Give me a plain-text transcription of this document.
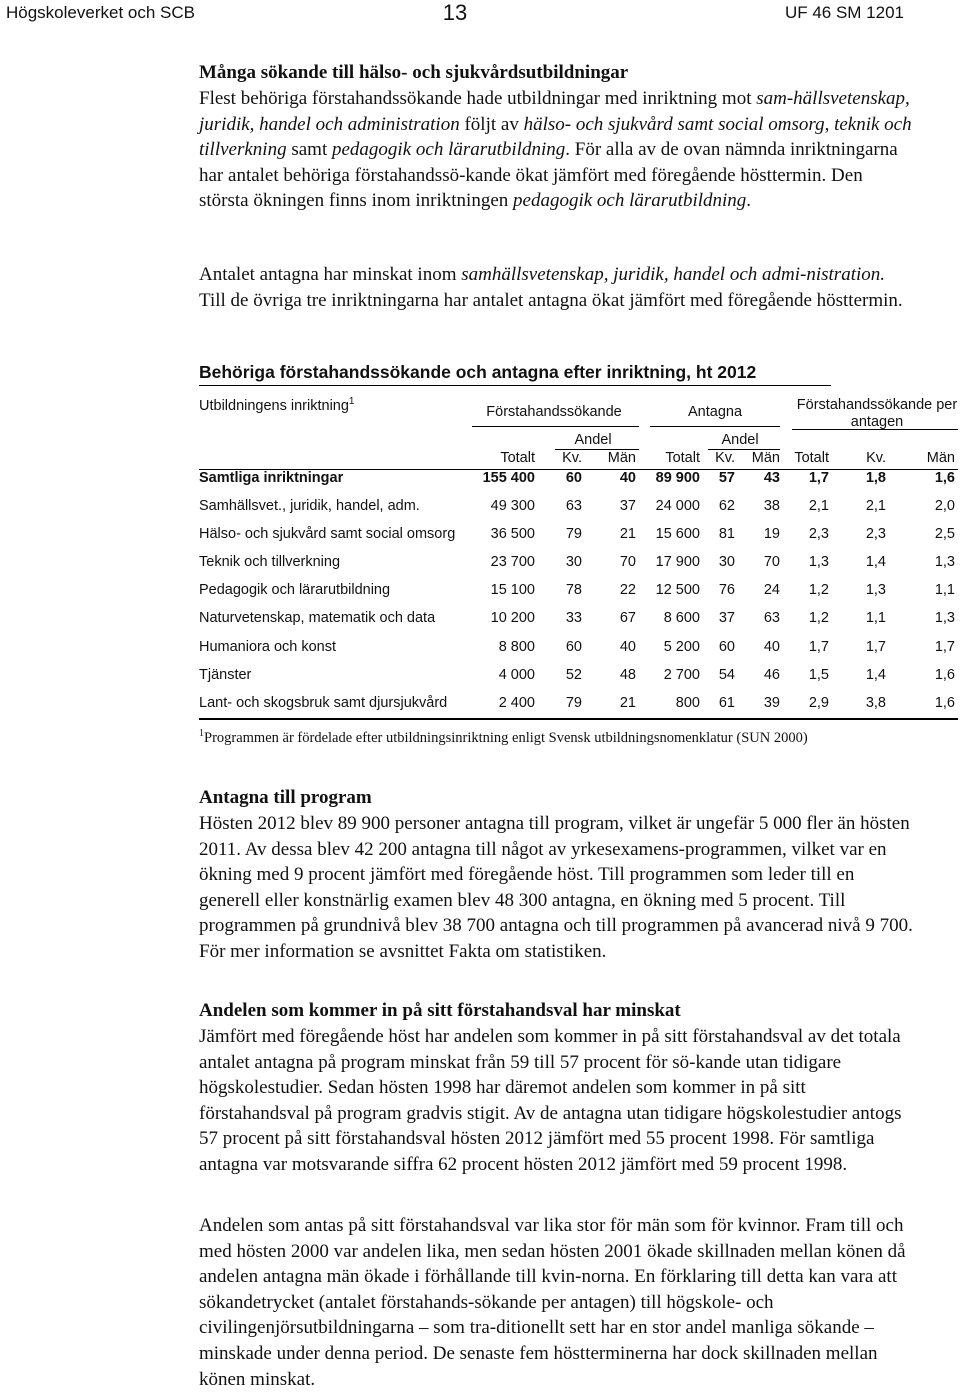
Högskoleverket och SCB	13	UF 46 SM 1201
Många sökande till hälso- och sjukvårdsutbildningar
Flest behöriga förstahandssökande hade utbildningar med inriktning mot sam-hällsvetenskap, juridik, handel och administration följt av hälso- och sjukvård samt social omsorg, teknik och tillverkning samt pedagogik och lärarutbildning. För alla av de ovan nämnda inriktningarna har antalet behöriga förstahandssö-kande ökat jämfört med föregående hösttermin. Den största ökningen finns inom inriktningen pedagogik och lärarutbildning.
Antalet antagna har minskat inom samhällsvetenskap, juridik, handel och admi-nistration. Till de övriga tre inriktningarna har antalet antagna ökat jämfört med föregående hösttermin.
Behöriga förstahandssökande och antagna efter inriktning, ht 2012
Utbildningens inriktning$^1$
Förstahandssökande	Antagna	Förstahandssökande per antagen
Andel	Andel
Totalt	Kv.	Män	Totalt	Kv.	Män Totalt	Kv.	Män
Samtliga inriktningar	155 400	60	40	89 900	57	43	1,7	1,8	1,6
Samhällsvet., juridik, handel, adm.	49 300	63	37	24 000	62	38	2,1	2,1	2,0
Hälso- och sjukvård samt social omsorg	36 500	79	21	15 600	81	19	2,3	2,3	2,5
Teknik och tillverkning	23 700	30	70	17 900	30	70	1,3	1,4	1,3
Pedagogik och lärarutbildning	15 100	78	22	12 500	76	24	1,2	1,3	1,1
Naturvetenskap, matematik och data	10 200	33	67	8 600	37	63	1,2	1,1	1,3
Humaniora och konst	8 800	60	40	5 200	60	40	1,7	1,7	1,7
Tjänster	4 000	52	48	2 700	54	46	1,5	1,4	1,6
Lant- och skogsbruk samt djursjukvård	2 400	79	21	800	61	39	2,9	3,8	1,6
$^1$Programmen är fördelade efter utbildningsinriktning enligt Svensk utbildningsnomenklatur (SUN 2000)
Antagna till program
Hösten 2012 blev 89 900 personer antagna till program, vilket är ungefär 5 000 fler än hösten 2011. Av dessa blev 42 200 antagna till något av yrkesexamens-programmen, vilket var en ökning med 9 procent jämfört med föregående höst. Till programmen som leder till en generell eller konstnärlig examen blev 48 300 antagna, en ökning med 5 procent. Till programmen på grundnivå blev 38 700 antagna och till programmen på avancerad nivå 9 700. För mer information se avsnittet Fakta om statistiken.
Andelen som kommer in på sitt förstahandsval har minskat
Jämfört med föregående höst har andelen som kommer in på sitt förstahandsval av det totala antalet antagna på program minskat från 59 till 57 procent för sö-kande utan tidigare högskolestudier. Sedan hösten 1998 har däremot andelen som kommer in på sitt förstahandsval på program gradvis stigit. Av de antagna utan tidigare högskolestudier antogs 57 procent på sitt förstahandsval hösten 2012 jämfört med 55 procent 1998. För samtliga antagna var motsvarande siffra 62 procent hösten 2012 jämfört med 59 procent 1998.
Andelen som antas på sitt förstahandsval var lika stor för män som för kvinnor. Fram till och med hösten 2000 var andelen lika, men sedan hösten 2001 ökade skillnaden mellan könen då andelen antagna män ökade i förhållande till kvin-norna. En förklaring till detta kan vara att sökandetrycket (antalet förstahands-sökande per antagen) till högskole- och civilingenjörsutbildningarna – som tra-ditionellt sett har en stor andel manliga sökande – minskade under denna period. De senaste fem höstterminerna har dock skillnaden mellan könen minskat.
